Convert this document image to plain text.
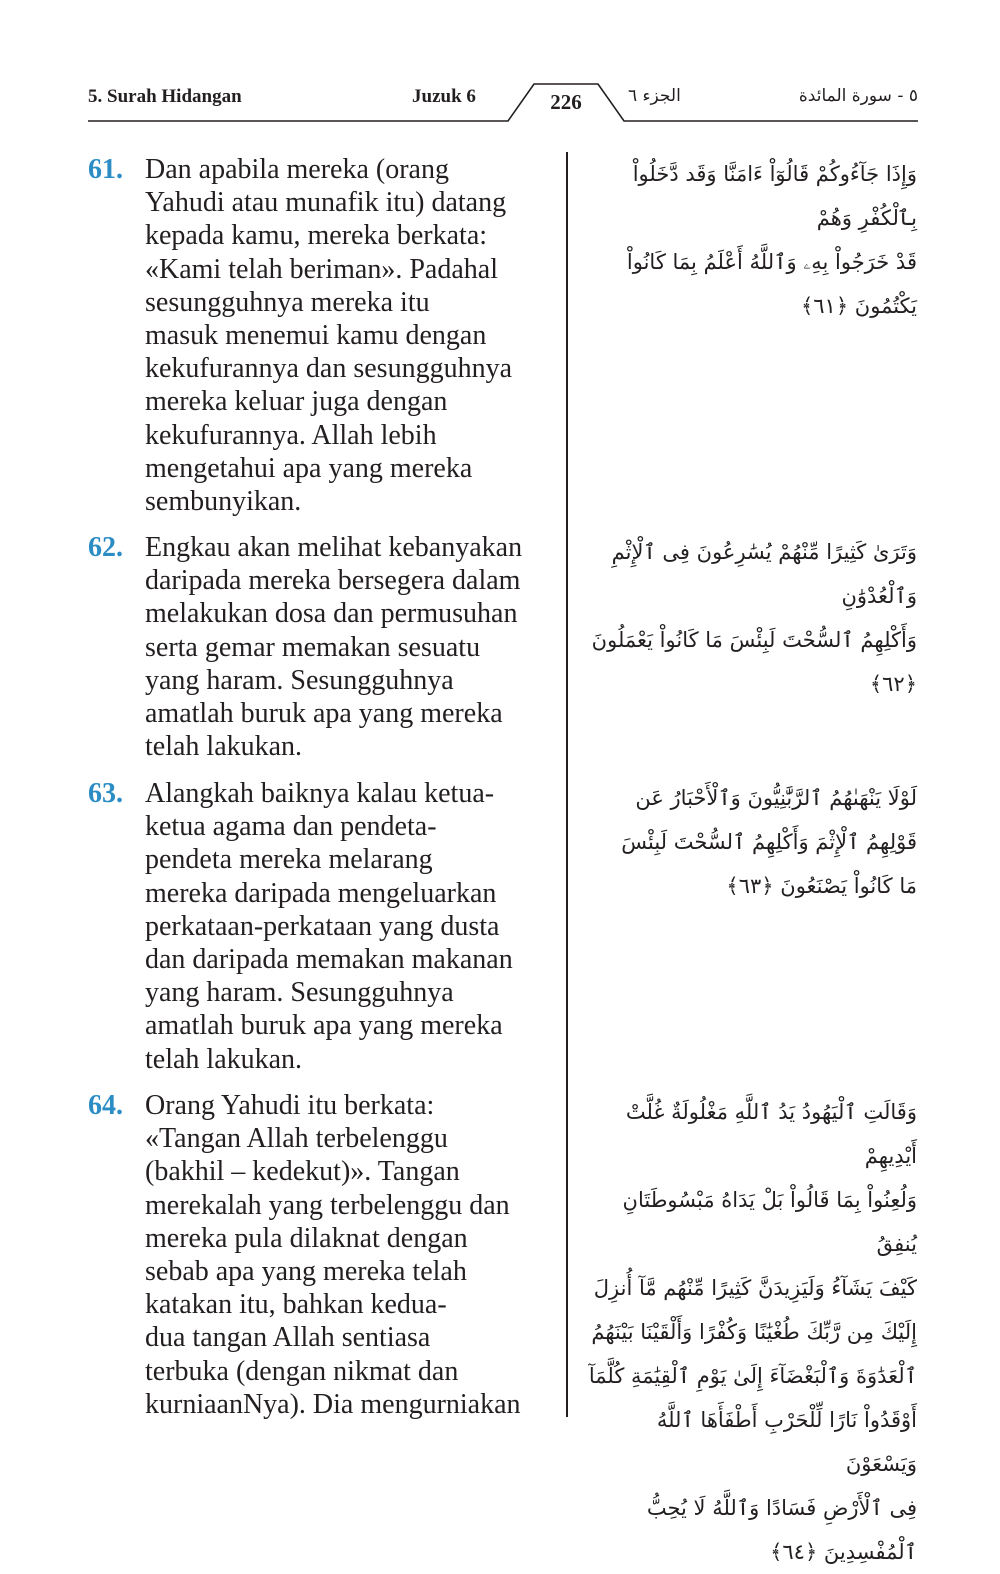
5. Surah Hidangan	Juzuk 6	226	الجزء ٦	٥ - سورة المائدة
61. Dan apabila mereka (orang
Yahudi atau munafik itu) datang
kepada kamu, mereka berkata:
«Kami telah beriman». Padahal
sesungguhnya mereka itu
masuk menemui kamu dengan
kekufurannya dan sesungguhnya
mereka keluar juga dengan
kekufurannya. Allah lebih
mengetahui apa yang mereka
sembunyikan.
وَإِذَا جَآءُوكُمْ قَالُوٓاْ ءَامَنَّا وَقَد دَّخَلُواْ بِٱلْكُفْرِ وَهُمْ
قَدْ خَرَجُواْ بِهِۦ وَٱللَّهُ أَعْلَمُ بِمَا كَانُواْ يَكْتُمُونَ ﴿٦١﴾
62. Engkau akan melihat kebanyakan
daripada mereka bersegera dalam
melakukan dosa dan permusuhan
serta gemar memakan sesuatu
yang haram. Sesungguhnya
amatlah buruk apa yang mereka
telah lakukan.
وَتَرَىٰ كَثِيرًا مِّنْهُمْ يُسَٰرِعُونَ فِى ٱلْإِثْمِ وَٱلْعُدْوَٰنِ
وَأَكْلِهِمُ ٱلسُّحْتَ لَبِئْسَ مَا كَانُواْ يَعْمَلُونَ ﴿٦٢﴾
63. Alangkah baiknya kalau ketua-
ketua agama dan pendeta-
pendeta mereka melarang
mereka daripada mengeluarkan
perkataan-perkataan yang dusta
dan daripada memakan makanan
yang haram. Sesungguhnya
amatlah buruk apa yang mereka
telah lakukan.
لَوْلَا يَنْهَىٰهُمُ ٱلرَّبَّٰنِيُّونَ وَٱلْأَحْبَارُ عَن
قَوْلِهِمُ ٱلْإِثْمَ وَأَكْلِهِمُ ٱلسُّحْتَ لَبِئْسَ
مَا كَانُواْ يَصْنَعُونَ ﴿٦٣﴾
64. Orang Yahudi itu berkata:
«Tangan Allah terbelenggu
(bakhil – kedekut)». Tangan
merekalah yang terbelenggu dan
mereka pula dilaknat dengan
sebab apa yang mereka telah
katakan itu, bahkan kedua-
dua tangan Allah sentiasa
terbuka (dengan nikmat dan
kurniaanNya). Dia mengurniakan
وَقَالَتِ ٱلْيَهُودُ يَدُ ٱللَّهِ مَغْلُولَةٌ غُلَّتْ أَيْدِيهِمْ
وَلُعِنُواْ بِمَا قَالُواْ بَلْ يَدَاهُ مَبْسُوطَتَانِ يُنفِقُ
كَيْفَ يَشَآءُ وَلَيَزِيدَنَّ كَثِيرًا مِّنْهُم مَّآ أُنزِلَ
إِلَيْكَ مِن رَّبِّكَ طُغْيَٰنًا وَكُفْرًا وَأَلْقَيْنَا بَيْنَهُمُ
ٱلْعَدَٰوَةَ وَٱلْبَغْضَآءَ إِلَىٰ يَوْمِ ٱلْقِيَٰمَةِ كُلَّمَآ
أَوْقَدُواْ نَارًا لِّلْحَرْبِ أَطْفَأَهَا ٱللَّهُ وَيَسْعَوْنَ
فِى ٱلْأَرْضِ فَسَادًا وَٱللَّهُ لَا يُحِبُّ ٱلْمُفْسِدِينَ ﴿٦٤﴾
